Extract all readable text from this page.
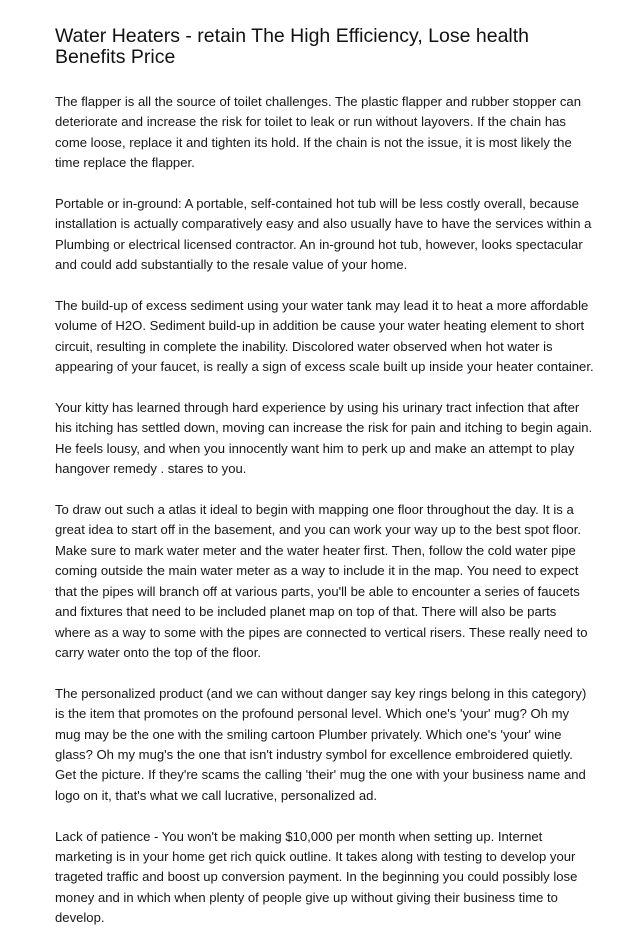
Water Heaters - retain The High Efficiency, Lose health Benefits Price

The flapper is all the source of toilet challenges. The plastic flapper and rubber stopper can deteriorate and increase the risk for toilet to leak or run without layovers. If the chain has come loose, replace it and tighten its hold. If the chain is not the issue, it is most likely the time replace the flapper.

Portable or in-ground: A portable, self-contained hot tub will be less costly overall, because installation is actually comparatively easy and also usually have to have the services within a Plumbing or electrical licensed contractor. An in-ground hot tub, however, looks spectacular and could add substantially to the resale value of your home.

The build-up of excess sediment using your water tank may lead it to heat a more affordable volume of H2O. Sediment build-up in addition be cause your water heating element to short circuit, resulting in complete the inability. Discolored water observed when hot water is appearing of your faucet, is really a sign of excess scale built up inside your heater container.

Your kitty has learned through hard experience by using his urinary tract infection that after his itching has settled down, moving can increase the risk for pain and itching to begin again. He feels lousy, and when you innocently want him to perk up and make an attempt to play hangover remedy . stares to you.

To draw out such a atlas it ideal to begin with mapping one floor throughout the day. It is a great idea to start off in the basement, and you can work your way up to the best spot floor. Make sure to mark water meter and the water heater first. Then, follow the cold water pipe coming outside the main water meter as a way to include it in the map. You need to expect that the pipes will branch off at various parts, you'll be able to encounter a series of faucets and fixtures that need to be included planet map on top of that. There will also be parts where as a way to some with the pipes are connected to vertical risers. These really need to carry water onto the top of the floor.

The personalized product (and we can without danger say key rings belong in this category) is the item that promotes on the profound personal level. Which one's 'your' mug? Oh my mug may be the one with the smiling cartoon Plumber privately. Which one's 'your' wine glass? Oh my mug's the one that isn't industry symbol for excellence embroidered quietly. Get the picture. If they're scams the calling 'their' mug the one with your business name and logo on it, that's what we call lucrative, personalized ad.

Lack of patience - You won't be making $10,000 per month when setting up. Internet marketing is in your home get rich quick outline. It takes along with testing to develop your trageted traffic and boost up conversion payment. In the beginning you could possibly lose money and in which when plenty of people give up without giving their business time to develop.
